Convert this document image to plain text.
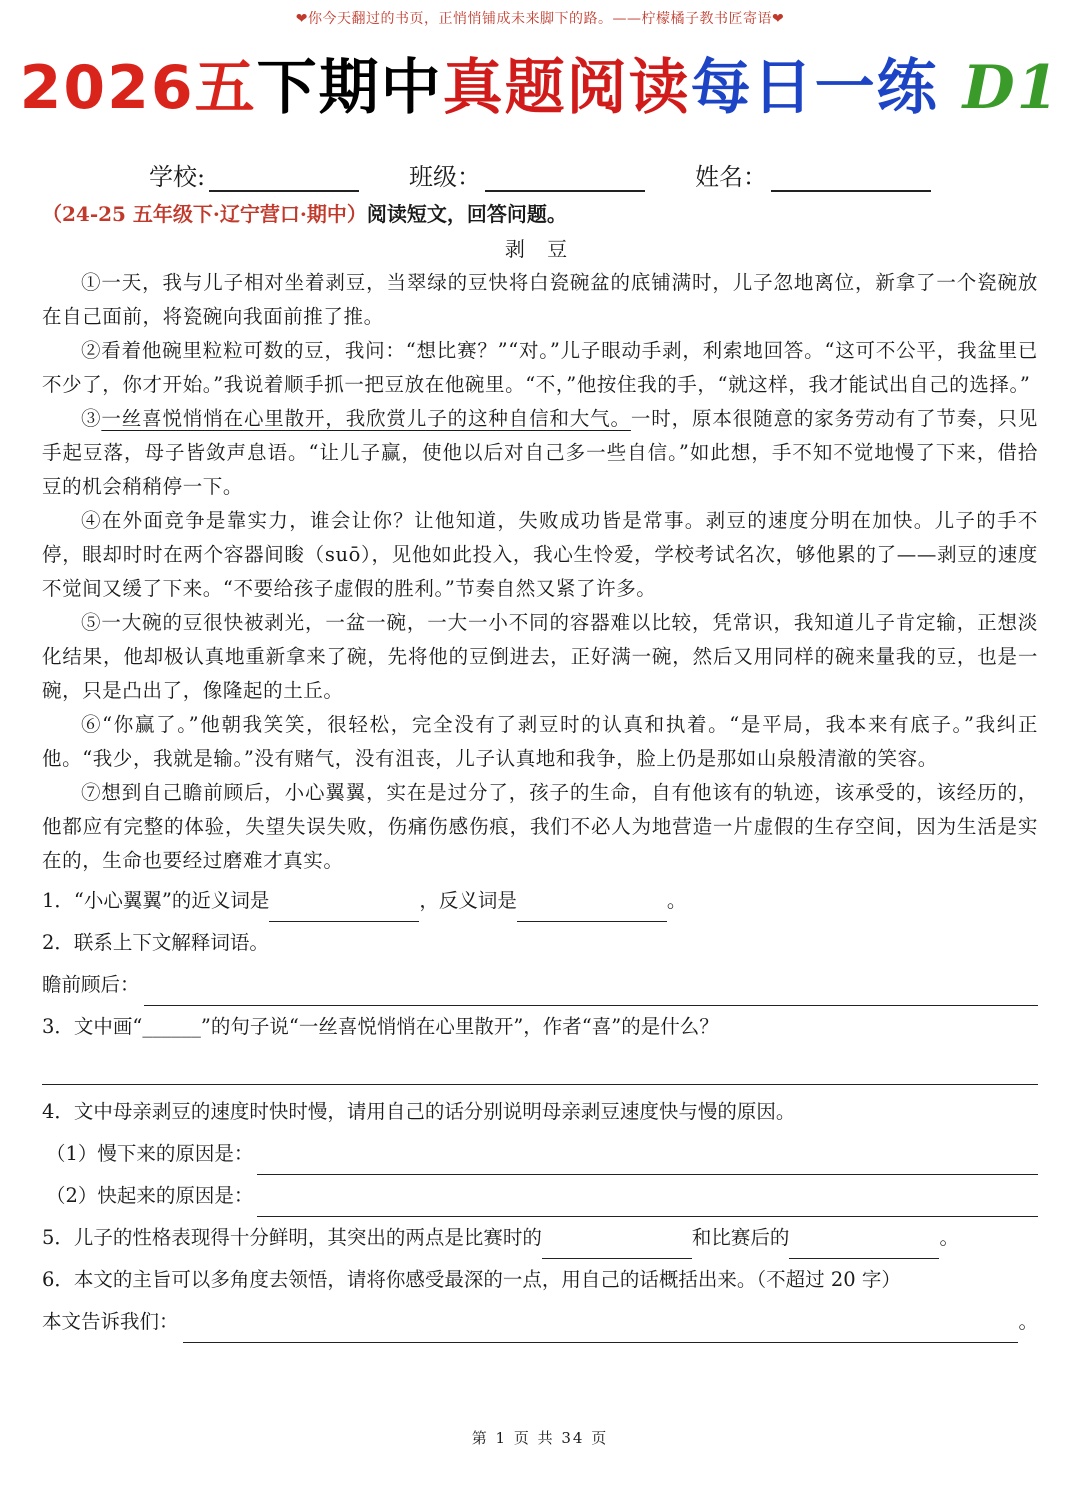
❤你今天翻过的书页，正悄悄铺成未来脚下的路。——柠檬橘子教书匠寄语❤
2026五下期中真题阅读每日一练 D1
学校:	班级：	姓名：
（24-25 五年级下·辽宁营口·期中）阅读短文，回答问题。
剥 豆

①一天，我与儿子相对坐着剥豆，当翠绿的豆快将白瓷碗盆的底铺满时，儿子忽地离位，新拿了一个瓷碗放在自己面前，将瓷碗向我面前推了推。

②看着他碗里粒粒可数的豆，我问：“想比赛？”“对。”儿子眼动手剥，利索地回答。“这可不公平，我盆里已不少了，你才开始。”我说着顺手抓一把豆放在他碗里。“不，”他按住我的手，“就这样，我才能试出自己的选择。”

③一丝喜悦悄悄在心里散开，我欣赏儿子的这种自信和大气。一时，原本很随意的家务劳动有了节奏，只见手起豆落，母子皆敛声息语。“让儿子赢，使他以后对自己多一些自信。”如此想，手不知不觉地慢了下来，借拾豆的机会稍稍停一下。

④在外面竞争是靠实力，谁会让你？让他知道，失败成功皆是常事。剥豆的速度分明在加快。儿子的手不停，眼却时时在两个容器间睃（suō），见他如此投入，我心生怜爱，学校考试名次，够他累的了——剥豆的速度不觉间又缓了下来。“不要给孩子虚假的胜利。”节奏自然又紧了许多。

⑤一大碗的豆很快被剥光，一盆一碗，一大一小不同的容器难以比较，凭常识，我知道儿子肯定输，正想淡化结果，他却极认真地重新拿来了碗，先将他的豆倒进去，正好满一碗，然后又用同样的碗来量我的豆，也是一碗，只是凸出了，像隆起的土丘。

⑥“你赢了。”他朝我笑笑，很轻松，完全没有了剥豆时的认真和执着。“是平局，我本来有底子。”我纠正他。“我少，我就是输。”没有赌气，没有沮丧，儿子认真地和我争，脸上仍是那如山泉般清澈的笑容。

⑦想到自己瞻前顾后，小心翼翼，实在是过分了，孩子的生命，自有他该有的轨迹，该承受的，该经历的，他都应有完整的体验，失望失误失败，伤痛伤感伤痕，我们不必人为地营造一片虚假的生存空间，因为生活是实在的，生命也要经过磨难才真实。

1．“小心翼翼”的近义词是	，反义词是	。
2．联系上下文解释词语。
瞻前顾后：
3．文中画“______”的句子说“一丝喜悦悄悄在心里散开”，作者“喜”的是什么？
4．文中母亲剥豆的速度时快时慢，请用自己的话分别说明母亲剥豆速度快与慢的原因。
（1）慢下来的原因是：
（2）快起来的原因是：
5．儿子的性格表现得十分鲜明，其突出的两点是比赛时的	和比赛后的	。
6．本文的主旨可以多角度去领悟，请将你感受最深的一点，用自己的话概括出来。（不超过 20 字）
本文告诉我们：	。
第 1 页 共 34 页
